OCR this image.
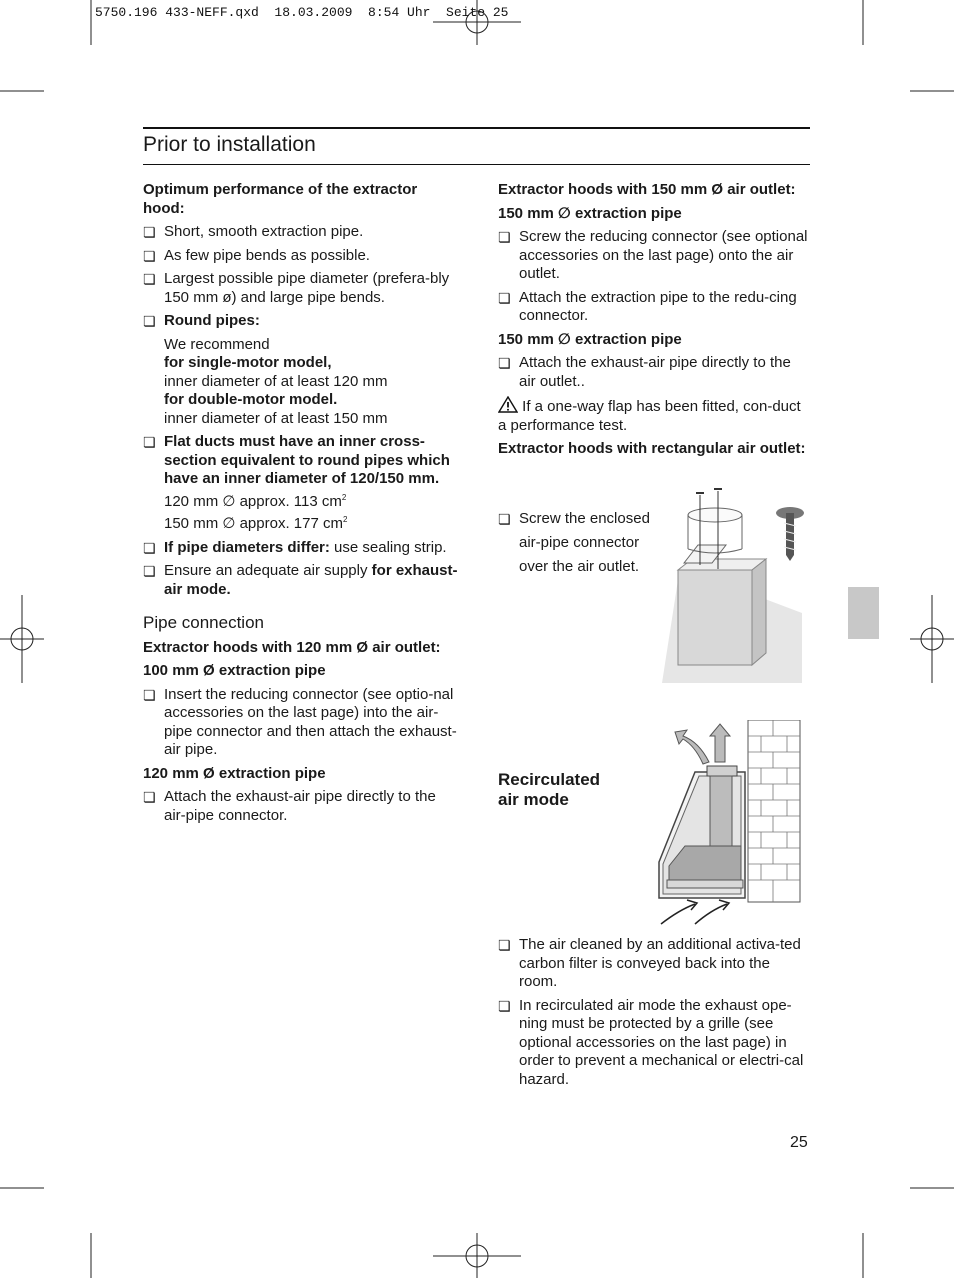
5750.196 433-NEFF.qxd  18.03.2009  8:54 Uhr  Seite 25
Prior to installation

Optimum performance of the extractor hood:

❏ Short, smooth extraction pipe.
❏ As few pipe bends as possible.
❏ Largest possible pipe diameter (prefera-bly 150 mm ø) and large pipe bends.
❏ Round pipes:
We recommend
for single-motor model,
inner diameter of at least 120 mm
for double-motor model.
inner diameter of at least 150 mm
❏ Flat ducts must have an inner cross-section equivalent to round pipes which have an inner diameter of 120/150 mm.
120 mm ∅ approx. 113 $cm^2$
150 mm ∅ approx. 177 $cm^2$
❏ If pipe diameters differ: use sealing strip.
❏ Ensure an adequate air supply for exhaust-air mode.

Pipe connection

Extractor hoods with 120 mm Ø air outlet:

100 mm Ø extraction pipe

❏ Insert the reducing connector (see optio-nal accessories on the last page) into the air-pipe connector and then attach the exhaust-air pipe.

120 mm Ø extraction pipe

❏ Attach the exhaust-air pipe directly to the air-pipe connector.

Extractor hoods with 150 mm Ø air outlet:

150 mm ∅ extraction pipe

❏ Screw the reducing connector (see optional accessories on the last page) onto the air outlet.
❏ Attach the extraction pipe to the redu-cing connector.

150 mm ∅ extraction pipe

❏ Attach the exhaust-air pipe directly to the air outlet..

If a one-way flap has been fitted, con-duct a performance test.

Extractor hoods with rectangular air outlet:

❏ Screw the enclosed
air-pipe connector
over the air outlet.
Recirculated
air mode
❏ The air cleaned by an additional activa-ted carbon filter is conveyed back into the room.
❏ In recirculated air mode the exhaust ope-ning must be protected by a grille (see optional accessories on the last page) in order to prevent a mechanical or electri-cal hazard.
25
